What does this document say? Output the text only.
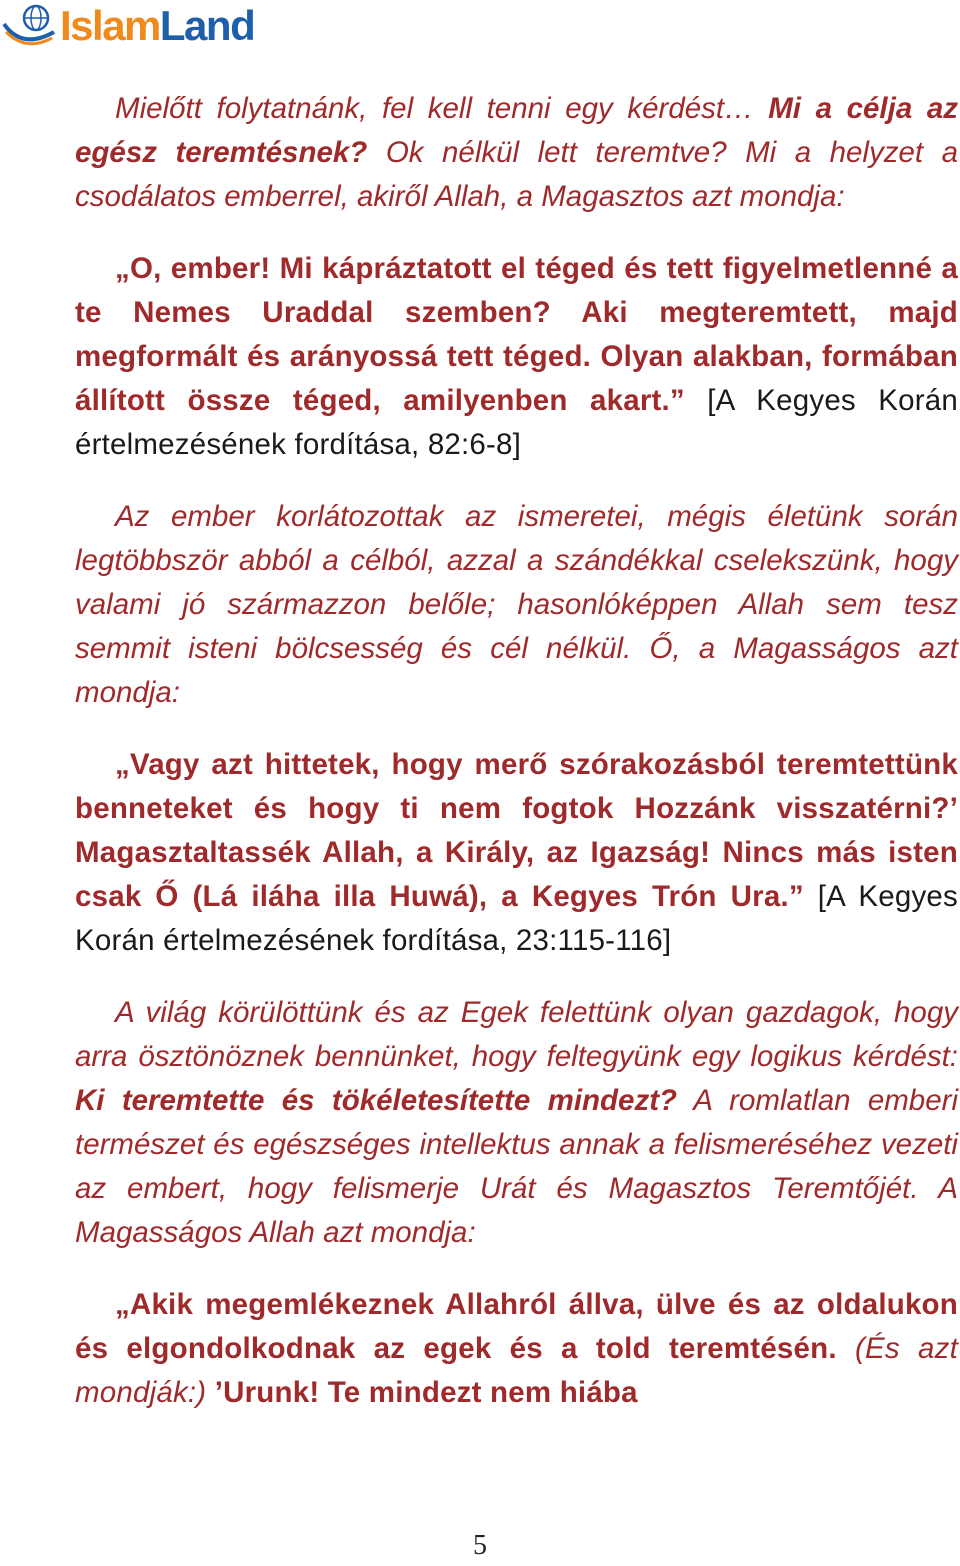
IslamLand

Mielőtt folytatnánk, fel kell tenni egy kérdést… Mi a célja az egész teremtésnek? Ok nélkül lett teremtve? Mi a helyzet a csodálatos emberrel, akiről Allah, a Magasztos azt mondja:

„O, ember! Mi kápráztatott el téged és tett figyelmetlenné a te Nemes Uraddal szemben? Aki megteremtett, majd megformált és arányossá tett téged. Olyan alakban, formában állított össze téged, amilyenben akart.” [A Kegyes Korán értelmezésének fordítása, 82:6-8]

Az ember korlátozottak az ismeretei, mégis életünk során legtöbbször abból a célból, azzal a szándékkal cselekszünk, hogy valami jó származzon belőle; hasonlóképpen Allah sem tesz semmit isteni bölcsesség és cél nélkül. Ő, a Magasságos azt mondja:

„Vagy azt hittetek, hogy merő szórakozásból teremtettünk benneteket és hogy ti nem fogtok Hozzánk visszatérni?’ Magasztaltassék Allah, a Király, az Igazság! Nincs más isten csak Ő (Lá iláha illa Huwá), a Kegyes Trón Ura.” [A Kegyes Korán értelmezésének fordítása, 23:115-116]

A világ körülöttünk és az Egek felettünk olyan gazdagok, hogy arra ösztönöznek bennünket, hogy feltegyünk egy logikus kérdést: Ki teremtette és tökéletesítette mindezt? A romlatlan emberi természet és egészséges intellektus annak a felismeréséhez vezeti az embert, hogy felismerje Urát és Magasztos Teremtőjét. A Magasságos Allah azt mondja:

„Akik megemlékeznek Allahról állva, ülve és az oldalukon és elgondolkodnak az egek és a told teremtésén. (És azt mondják:) ’Urunk! Te mindezt nem hiába

5
